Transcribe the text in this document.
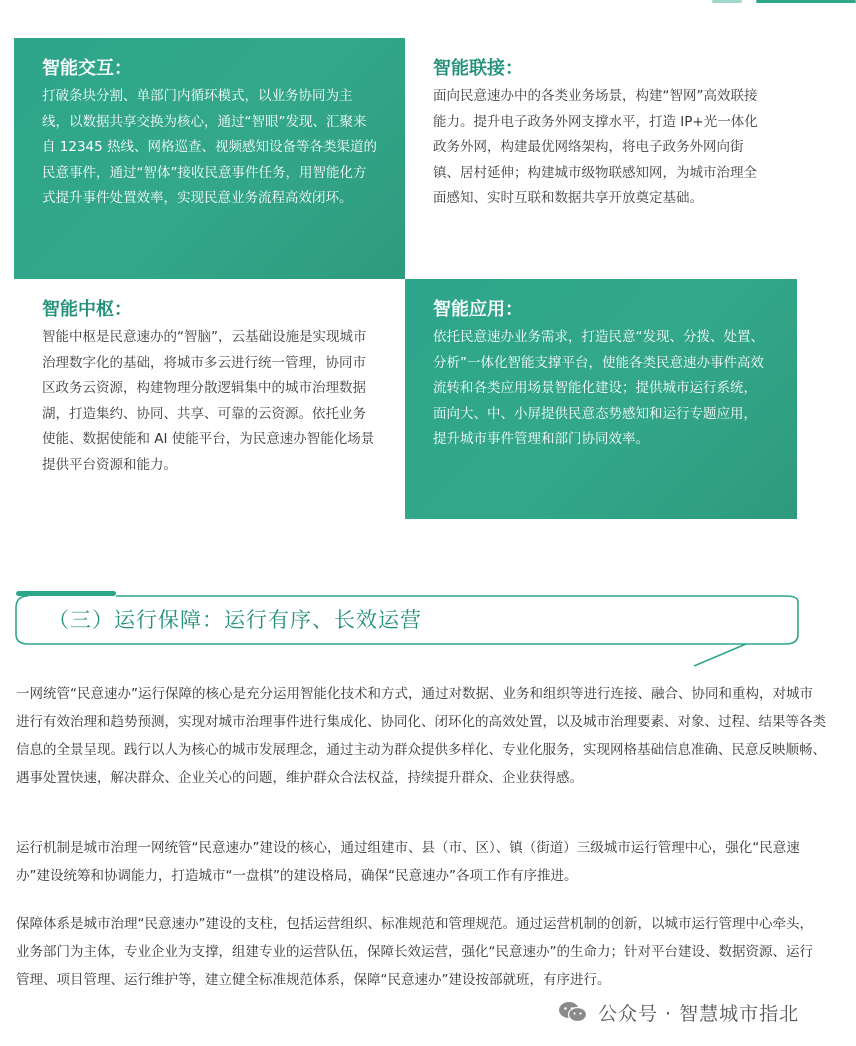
智能交互：

打破条块分割、单部门内循环模式，以业务协同为主线，以数据共享交换为核心，通过“智眼”发现、汇聚来自 12345 热线、网格巡查、视频感知设备等各类渠道的民意事件，通过“智体”接收民意事件任务，用智能化方式提升事件处置效率，实现民意业务流程高效闭环。

智能联接：

面向民意速办中的各类业务场景，构建“智网”高效联接能力。提升电子政务外网支撑水平，打造 IP+光一体化政务外网，构建最优网络架构，将电子政务外网向街镇、居村延伸；构建城市级物联感知网，为城市治理全面感知、实时互联和数据共享开放奠定基础。

智能中枢：

智能中枢是民意速办的“智脑”，云基础设施是实现城市治理数字化的基础，将城市多云进行统一管理，协同市区政务云资源，构建物理分散逻辑集中的城市治理数据湖，打造集约、协同、共享、可靠的云资源。依托业务使能、数据使能和 AI 使能平台，为民意速办智能化场景提供平台资源和能力。

智能应用：

依托民意速办业务需求，打造民意“发现、分拨、处置、分析”一体化智能支撑平台，使能各类民意速办事件高效流转和各类应用场景智能化建设；提供城市运行系统，面向大、中、小屏提供民意态势感知和运行专题应用，提升城市事件管理和部门协同效率。

（三）运行保障：运行有序、长效运营

一网统管“民意速办”运行保障的核心是充分运用智能化技术和方式，通过对数据、业务和组织等进行连接、融合、协同和重构，对城市进行有效治理和趋势预测，实现对城市治理事件进行集成化、协同化、闭环化的高效处置，以及城市治理要素、对象、过程、结果等各类信息的全景呈现。践行以人为核心的城市发展理念，通过主动为群众提供多样化、专业化服务，实现网格基础信息准确、民意反映顺畅、遇事处置快速，解决群众、企业关心的问题，维护群众合法权益，持续提升群众、企业获得感。

运行机制是城市治理一网统管“民意速办”建设的核心，通过组建市、县（市、区）、镇（街道）三级城市运行管理中心，强化“民意速办”建设统筹和协调能力，打造城市“一盘棋”的建设格局，确保“民意速办”各项工作有序推进。

保障体系是城市治理“民意速办”建设的支柱，包括运营组织、标准规范和管理规范。通过运营机制的创新，以城市运行管理中心牵头，业务部门为主体，专业企业为支撑，组建专业的运营队伍，保障长效运营，强化“民意速办”的生命力；针对平台建设、数据资源、运行管理、项目管理、运行维护等，建立健全标准规范体系，保障“民意速办”建设按部就班，有序进行。

公众号 · 智慧城市指北
